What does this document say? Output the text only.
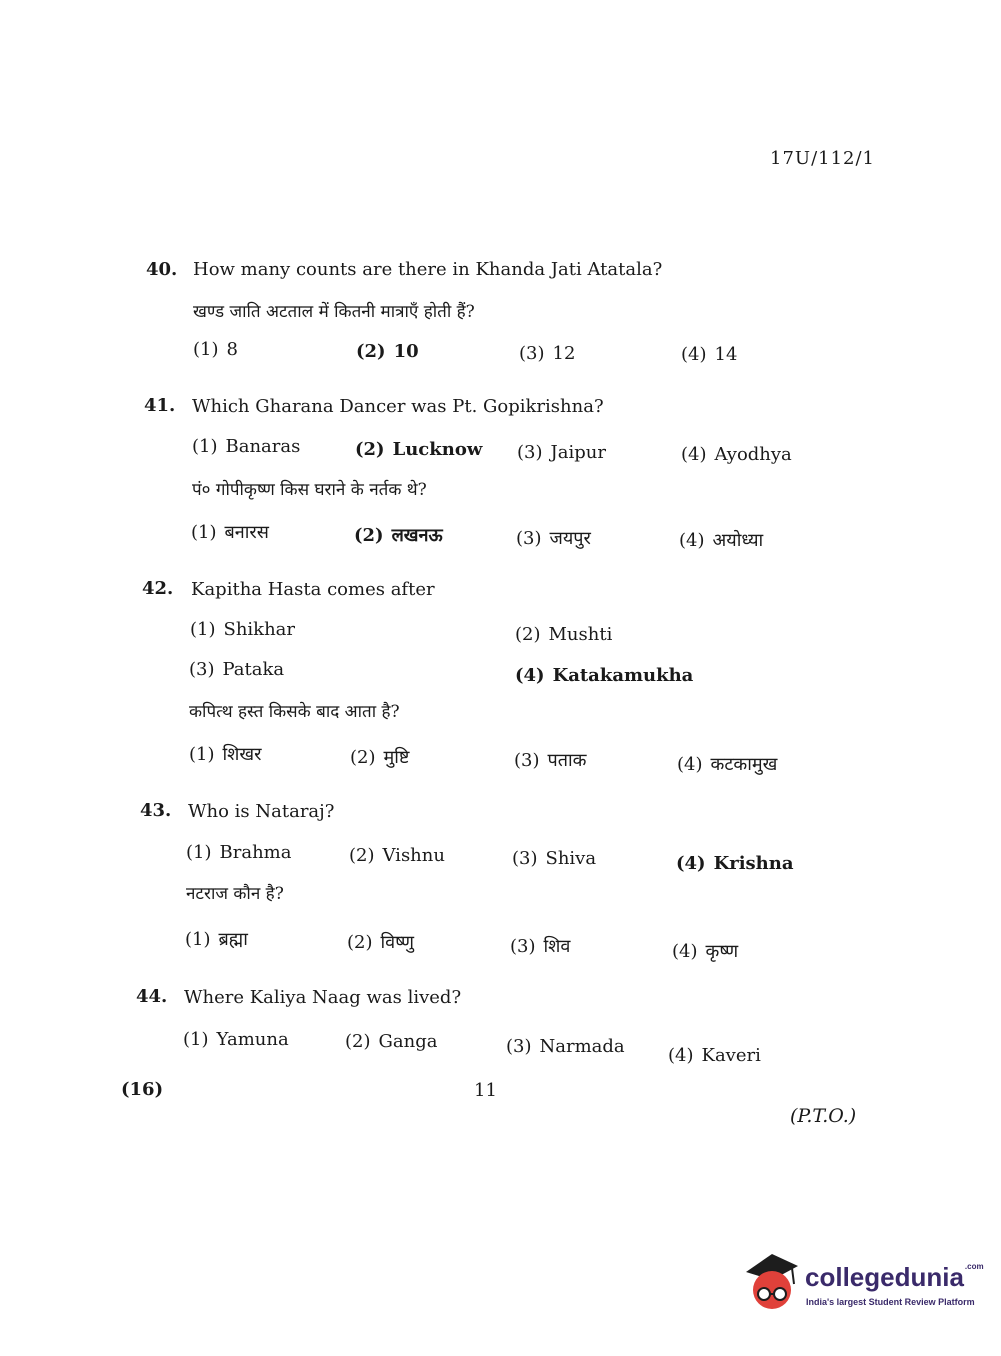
17U/112/1
40. How many counts are there in Khanda Jati Atatala?
खण्ड जाति अटताल में कितनी मात्राएँ होती हैं?
(1) 8	(2) 10	(3) 12	(4) 14
41. Which Gharana Dancer was Pt. Gopikrishna?
(1) Banaras	(2) Lucknow (3) Jaipur	(4) Ayodhya
पं० गोपीकृष्ण किस घराने के नर्तक थे?
(1) बनारस	(2) लखनऊ	(3) जयपुर	(4) अयोध्या
42. Kapitha Hasta comes after
(1) Shikhar	(2) Mushti
(3) Pataka	(4) Katakamukha
कपित्थ हस्त किसके बाद आता है?
(1) शिखर	(2) मुष्टि	(3) पताक	(4) कटकामुख
43. Who is Nataraj?
(1) Brahma	(2) Vishnu	(3) Shiva	(4) Krishna
नटराज कौन है?
(1) ब्रह्मा	(2) विष्णु	(3) शिव	(4) कृष्ण
44. Where Kaliya Naag was lived?
(1) Yamuna	(2) Ganga	(3) Narmada (4) Kaveri
(16)	11
(P.T.O.)
collegedunia$^{.com}$
India's largest Student Review Platform
